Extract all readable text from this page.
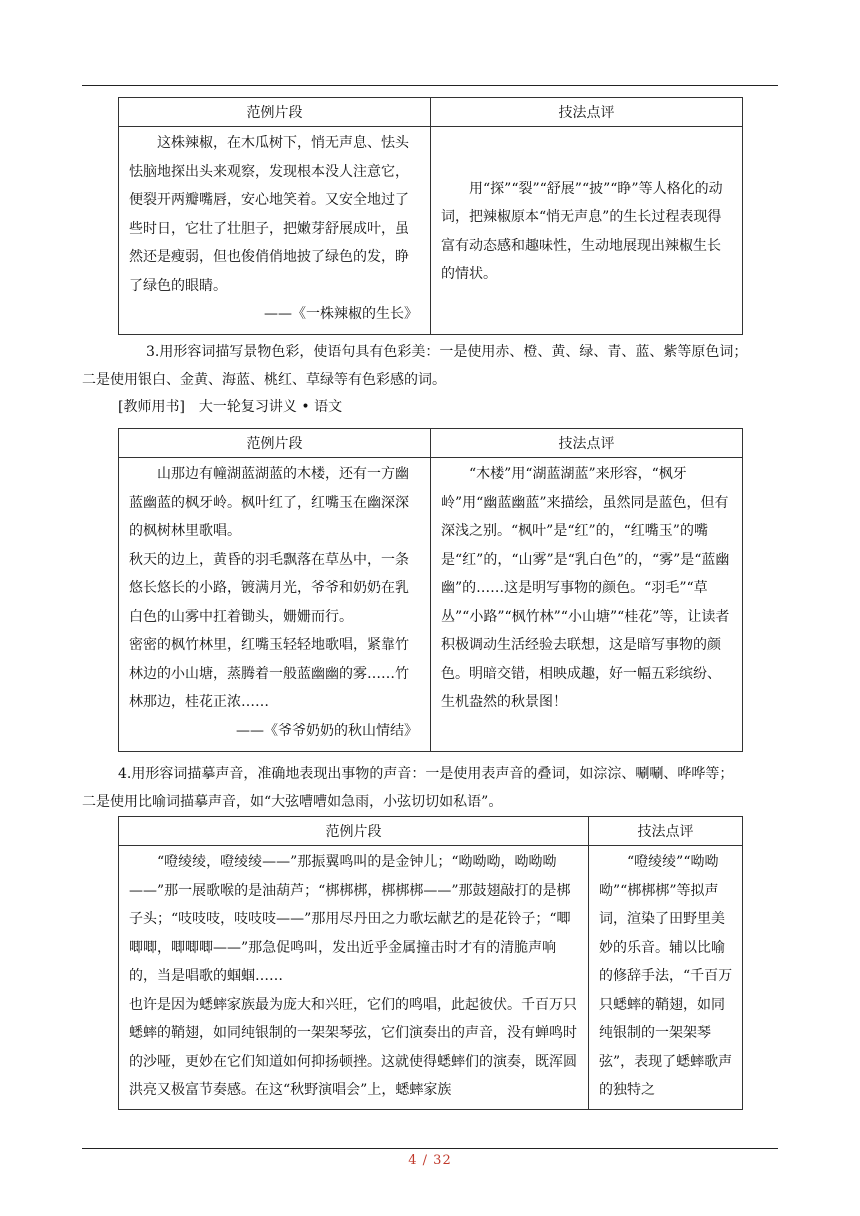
范例片段	技法点评

这株辣椒，在木瓜树下，悄无声息、怯头怯脑地探出头来观察，发现根本没人注意它，便裂开两瓣嘴唇，安心地笑着。又安全地过了些时日，它壮了壮胆子，把嫩芽舒展成叶，虽然还是瘦弱，但也俊俏俏地披了绿色的发，睁了绿色的眼睛。
——《一株辣椒的生长》	用“探”“裂”“舒展”“披”“睁”等人格化的动词，把辣椒原本“悄无声息”的生长过程表现得富有动态感和趣味性，生动地展现出辣椒生长的情状。
3.用形容词描写景物色彩，使语句具有色彩美：一是使用赤、橙、黄、绿、青、蓝、紫等原色词；
二是使用银白、金黄、海蓝、桃红、草绿等有色彩感的词。
[教师用书]　大一轮复习讲义 • 语文
范例片段	技法点评

山那边有幢湖蓝湖蓝的木楼，还有一方幽蓝幽蓝的枫牙岭。枫叶红了，红嘴玉在幽深深的枫树林里歌唱。
秋天的边上，黄昏的羽毛飘落在草丛中，一条悠长悠长的小路，镀满月光，爷爷和奶奶在乳白色的山雾中扛着锄头，姗姗而行。
密密的枫竹林里，红嘴玉轻轻地歌唱，紧靠竹林边的小山塘，蒸腾着一般蓝幽幽的雾……竹林那边，桂花正浓……
——《爷爷奶奶的秋山情结》	“木楼”用“湖蓝湖蓝”来形容，“枫牙岭”用“幽蓝幽蓝”来描绘，虽然同是蓝色，但有深浅之别。“枫叶”是“红”的，“红嘴玉”的嘴是“红”的，“山雾”是“乳白色”的，“雾”是“蓝幽幽”的……这是明写事物的颜色。“羽毛”“草丛”“小路”“枫竹林”“小山塘”“桂花”等，让读者积极调动生活经验去联想，这是暗写事物的颜色。明暗交错，相映成趣，好一幅五彩缤纷、生机盎然的秋景图！
4.用形容词描摹声音，准确地表现出事物的声音：一是使用表声音的叠词，如淙淙、唰唰、哗哗等；
二是使用比喻词描摹声音，如“大弦嘈嘈如急雨，小弦切切如私语”。
范例片段	技法点评

“噔绫绫，噔绫绫——”那振翼鸣叫的是金钟儿；“呦呦呦，呦呦呦——”那一展歌喉的是油葫芦；“梆梆梆，梆梆梆——”那鼓翅敲打的是梆子头；“吱吱吱，吱吱吱——”那用尽丹田之力歌坛献艺的是花铃子；“唧唧唧，唧唧唧——”那急促鸣叫，发出近乎金属撞击时才有的清脆声响的，当是唱歌的蝈蝈……
也许是因为蟋蟀家族最为庞大和兴旺，它们的鸣唱，此起彼伏。千百万只蟋蟀的鞘翅，如同纯银制的一架架琴弦，它们演奏出的声音，没有蝉鸣时的沙哑，更妙在它们知道如何抑扬顿挫。这就使得蟋蟀们的演奏，既浑圆洪亮又极富节奏感。在这“秋野演唱会”上，蟋蟀家族	“噔绫绫”“呦呦呦”“梆梆梆”等拟声词，渲染了田野里美妙的乐音。辅以比喻的修辞手法，“千百万只蟋蟀的鞘翅，如同纯银制的一架架琴弦”，表现了蟋蟀歌声的独特之
4 / 32
